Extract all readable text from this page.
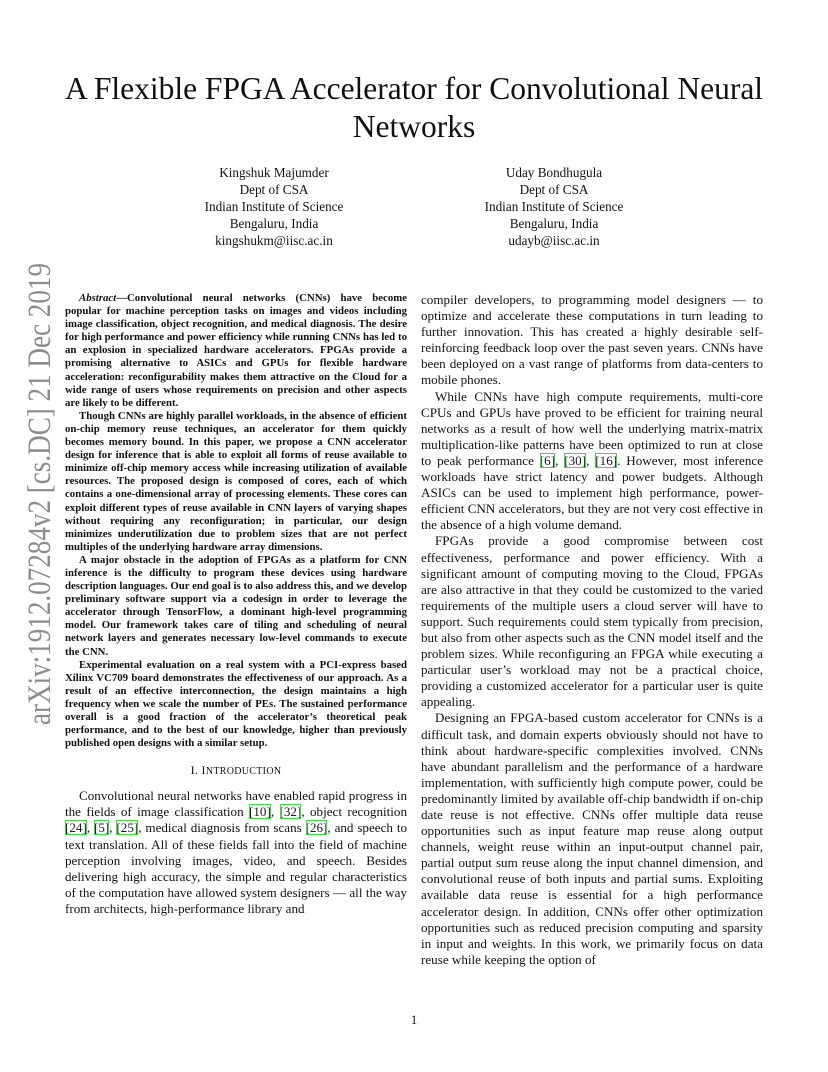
arXiv:1912.07284v2 [cs.DC] 21 Dec 2019
A Flexible FPGA Accelerator for Convolutional Neural Networks
Kingshuk Majumder
Dept of CSA
Indian Institute of Science
Bengaluru, India
kingshukm@iisc.ac.in
Uday Bondhugula
Dept of CSA
Indian Institute of Science
Bengaluru, India
udayb@iisc.ac.in

Abstract—Convolutional neural networks (CNNs) have become popular for machine perception tasks on images and videos including image classification, object recognition, and medical diagnosis. The desire for high performance and power efficiency while running CNNs has led to an explosion in specialized hardware accelerators. FPGAs provide a promising alternative to ASICs and GPUs for flexible hardware acceleration: reconfigurability makes them attractive on the Cloud for a wide range of users whose requirements on precision and other aspects are likely to be different.

Though CNNs are highly parallel workloads, in the absence of efficient on-chip memory reuse techniques, an accelerator for them quickly becomes memory bound. In this paper, we propose a CNN accelerator design for inference that is able to exploit all forms of reuse available to minimize off-chip memory access while increasing utilization of available resources. The proposed design is composed of cores, each of which contains a one-dimensional array of processing elements. These cores can exploit different types of reuse available in CNN layers of varying shapes without requiring any reconfiguration; in particular, our design minimizes underutilization due to problem sizes that are not perfect multiples of the underlying hardware array dimensions.

A major obstacle in the adoption of FPGAs as a platform for CNN inference is the difficulty to program these devices using hardware description languages. Our end goal is to also address this, and we develop preliminary software support via a codesign in order to leverage the accelerator through TensorFlow, a dominant high-level programming model. Our framework takes care of tiling and scheduling of neural network layers and generates necessary low-level commands to execute the CNN.

Experimental evaluation on a real system with a PCI-express based Xilinx VC709 board demonstrates the effectiveness of our approach. As a result of an effective interconnection, the design maintains a high frequency when we scale the number of PEs. The sustained performance overall is a good fraction of the accelerator’s theoretical peak performance, and to the best of our knowledge, higher than previously published open designs with a similar setup.

I. INTRODUCTION

Convolutional neural networks have enabled rapid progress in the fields of image classification [10], [32], object recognition [24], [5], [25], medical diagnosis from scans [26], and speech to text translation. All of these fields fall into the field of machine perception involving images, video, and speech. Besides delivering high accuracy, the simple and regular characteristics of the computation have allowed system designers — all the way from architects, high-performance library and

compiler developers, to programming model designers — to optimize and accelerate these computations in turn leading to further innovation. This has created a highly desirable self-reinforcing feedback loop over the past seven years. CNNs have been deployed on a vast range of platforms from data-centers to mobile phones.

While CNNs have high compute requirements, multi-core CPUs and GPUs have proved to be efficient for training neural networks as a result of how well the underlying matrix-matrix multiplication-like patterns have been optimized to run at close to peak performance [6], [30], [16]. However, most inference workloads have strict latency and power budgets. Although ASICs can be used to implement high performance, power-efficient CNN accelerators, but they are not very cost effective in the absence of a high volume demand.

FPGAs provide a good compromise between cost effectiveness, performance and power efficiency. With a significant amount of computing moving to the Cloud, FPGAs are also attractive in that they could be customized to the varied requirements of the multiple users a cloud server will have to support. Such requirements could stem typically from precision, but also from other aspects such as the CNN model itself and the problem sizes. While reconfiguring an FPGA while executing a particular user’s workload may not be a practical choice, providing a customized accelerator for a particular user is quite appealing.

Designing an FPGA-based custom accelerator for CNNs is a difficult task, and domain experts obviously should not have to think about hardware-specific complexities involved. CNNs have abundant parallelism and the performance of a hardware implementation, with sufficiently high compute power, could be predominantly limited by available off-chip bandwidth if on-chip date reuse is not effective. CNNs offer multiple data reuse opportunities such as input feature map reuse along output channels, weight reuse within an input-output channel pair, partial output sum reuse along the input channel dimension, and convolutional reuse of both inputs and partial sums. Exploiting available data reuse is essential for a high performance accelerator design. In addition, CNNs offer other optimization opportunities such as reduced precision computing and sparsity in input and weights. In this work, we primarily focus on data reuse while keeping the option of

1
